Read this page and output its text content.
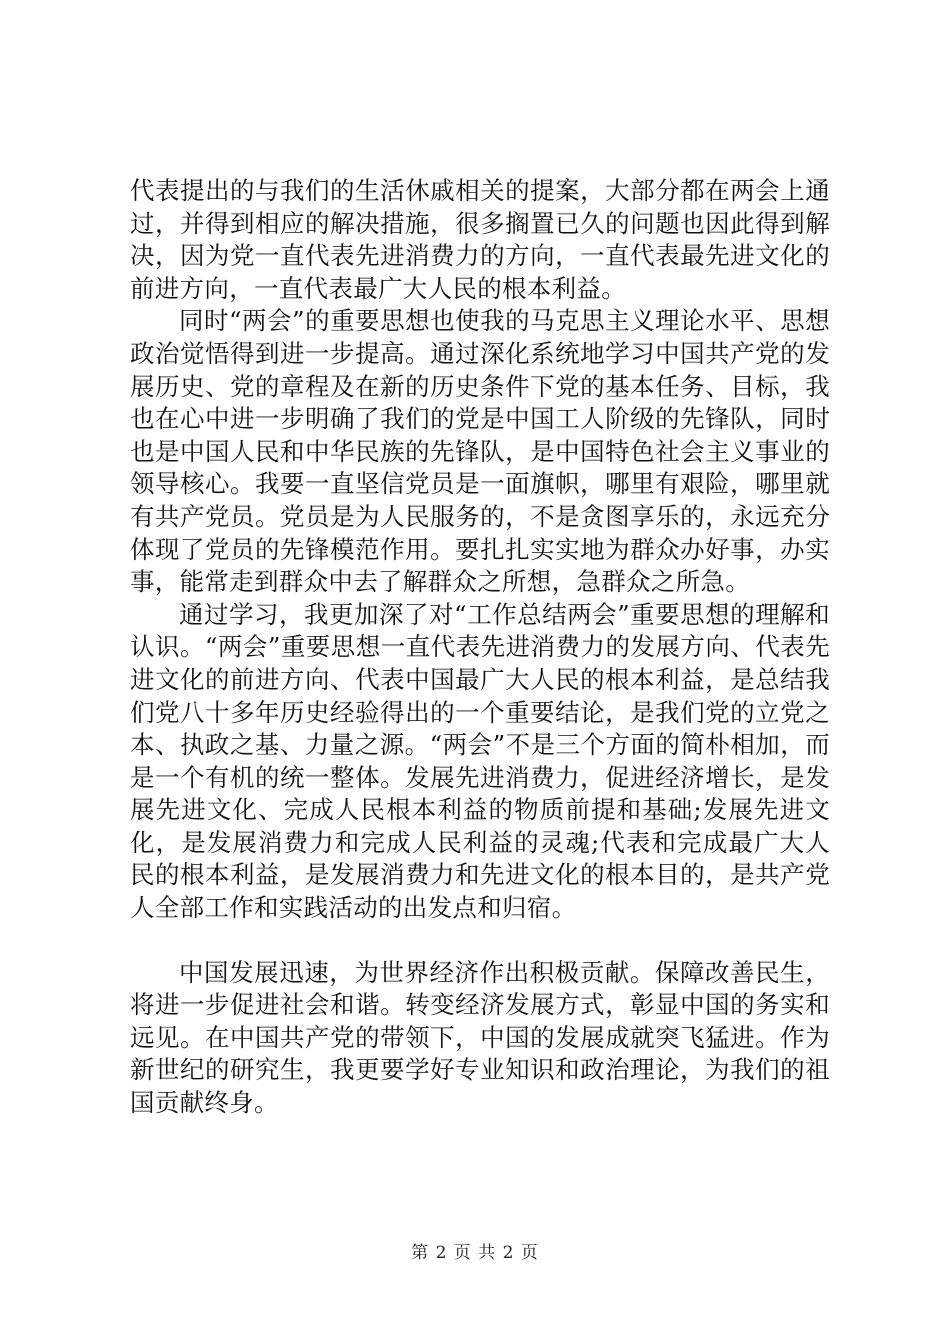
代表提出的与我们的生活休戚相关的提案，大部分都在两会上通过，并得到相应的解决措施，很多搁置已久的问题也因此得到解决，因为党一直代表先进消费力的方向，一直代表最先进文化的前进方向，一直代表最广大人民的根本利益。

同时“两会”的重要思想也使我的马克思主义理论水平、思想政治觉悟得到进一步提高。通过深化系统地学习中国共产党的发展历史、党的章程及在新的历史条件下党的基本任务、目标，我也在心中进一步明确了我们的党是中国工人阶级的先锋队，同时也是中国人民和中华民族的先锋队，是中国特色社会主义事业的领导核心。我要一直坚信党员是一面旗帜，哪里有艰险，哪里就有共产党员。党员是为人民服务的，不是贪图享乐的，永远充分体现了党员的先锋模范作用。要扎扎实实地为群众办好事，办实事，能常走到群众中去了解群众之所想，急群众之所急。

通过学习，我更加深了对“工作总结两会”重要思想的理解和认识。“两会”重要思想一直代表先进消费力的发展方向、代表先进文化的前进方向、代表中国最广大人民的根本利益，是总结我们党八十多年历史经验得出的一个重要结论，是我们党的立党之本、执政之基、力量之源。“两会”不是三个方面的简朴相加，而是一个有机的统一整体。发展先进消费力，促进经济增长，是发展先进文化、完成人民根本利益的物质前提和基础;发展先进文化，是发展消费力和完成人民利益的灵魂;代表和完成最广大人民的根本利益，是发展消费力和先进文化的根本目的，是共产党人全部工作和实践活动的出发点和归宿。

中国发展迅速，为世界经济作出积极贡献。保障改善民生，将进一步促进社会和谐。转变经济发展方式，彰显中国的务实和远见。在中国共产党的带领下，中国的发展成就突飞猛进。作为新世纪的研究生，我更要学好专业知识和政治理论，为我们的祖国贡献终身。

第 2 页 共 2 页
